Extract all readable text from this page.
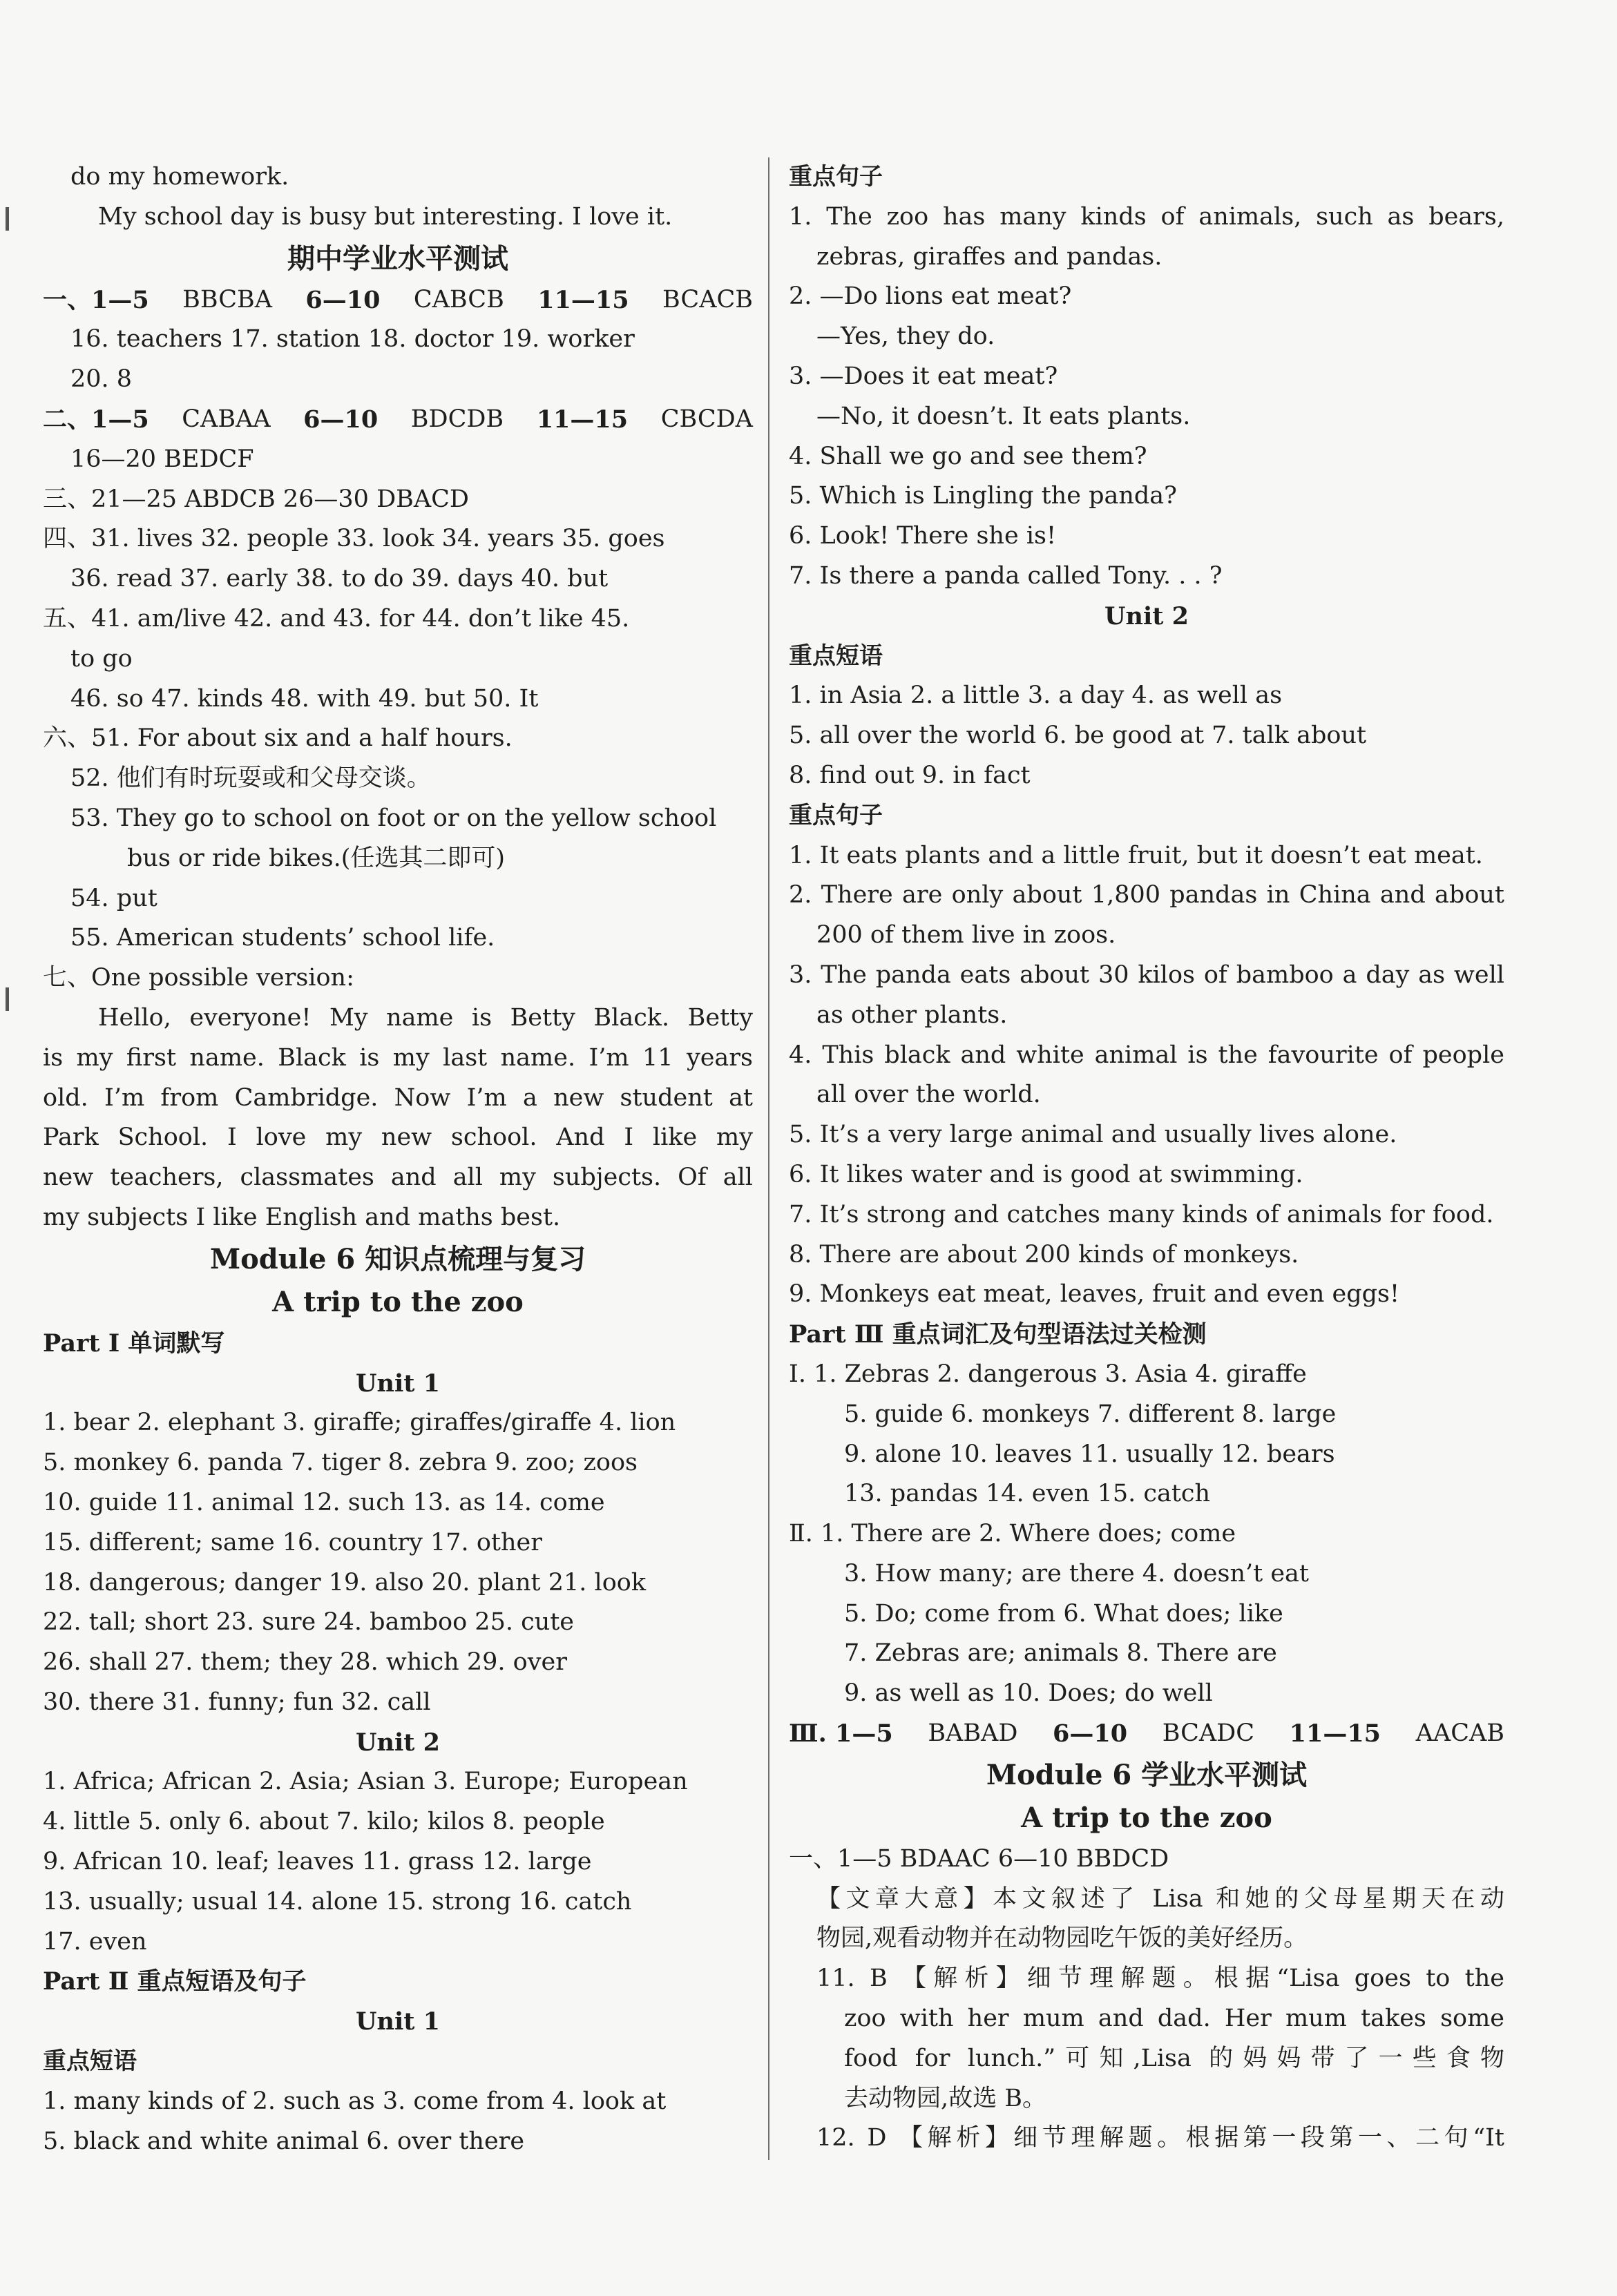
do my homework.
My school day is busy but interesting. I love it.
期中学业水平测试
一、1—5 BBCBA 6—10 CABCB 11—15 BCACB
16. teachers 17. station 18. doctor 19. worker
20. 8
二、1—5 CABAA 6—10 BDCDB 11—15 CBCDA
16—20 BEDCF
三、21—25 ABDCB 26—30 DBACD
四、31. lives 32. people 33. look 34. years 35. goes
36. read 37. early 38. to do 39. days 40. but
五、41. am/live 42. and 43. for 44. don’t like 45.
to go
46. so 47. kinds 48. with 49. but 50. It
六、51. For about six and a half hours.
52. 他们有时玩耍或和父母交谈。
53. They go to school on foot or on the yellow school
bus or ride bikes.(任选其二即可)
54. put
55. American students’ school life.
七、One possible version:
Hello, everyone! My name is Betty Black. Betty
is my first name. Black is my last name. I’m 11 years
old. I’m from Cambridge. Now I’m a new student at
Park School. I love my new school. And I like my
new teachers, classmates and all my subjects. Of all
my subjects I like English and maths best.
Module 6 知识点梳理与复习
A trip to the zoo
Part Ⅰ 单词默写
Unit 1
1. bear 2. elephant 3. giraffe; giraffes/giraffe 4. lion
5. monkey 6. panda 7. tiger 8. zebra 9. zoo; zoos
10. guide 11. animal 12. such 13. as 14. come
15. different; same 16. country 17. other
18. dangerous; danger 19. also 20. plant 21. look
22. tall; short 23. sure 24. bamboo 25. cute
26. shall 27. them; they 28. which 29. over
30. there 31. funny; fun 32. call
Unit 2
1. Africa; African 2. Asia; Asian 3. Europe; European
4. little 5. only 6. about 7. kilo; kilos 8. people
9. African 10. leaf; leaves 11. grass 12. large
13. usually; usual 14. alone 15. strong 16. catch
17. even
Part Ⅱ 重点短语及句子
Unit 1
重点短语
1. many kinds of 2. such as 3. come from 4. look at
5. black and white animal 6. over there
重点句子
1. The zoo has many kinds of animals, such as bears,
zebras, giraffes and pandas.
2. —Do lions eat meat?
—Yes, they do.
3. —Does it eat meat?
—No, it doesn’t. It eats plants.
4. Shall we go and see them?
5. Which is Lingling the panda?
6. Look! There she is!
7. Is there a panda called Tony. . . ?
Unit 2
重点短语
1. in Asia 2. a little 3. a day 4. as well as
5. all over the world 6. be good at 7. talk about
8. find out 9. in fact
重点句子
1. It eats plants and a little fruit, but it doesn’t eat meat.
2. There are only about 1,800 pandas in China and about
200 of them live in zoos.
3. The panda eats about 30 kilos of bamboo a day as well
as other plants.
4. This black and white animal is the favourite of people
all over the world.
5. It’s a very large animal and usually lives alone.
6. It likes water and is good at swimming.
7. It’s strong and catches many kinds of animals for food.
8. There are about 200 kinds of monkeys.
9. Monkeys eat meat, leaves, fruit and even eggs!
Part Ⅲ 重点词汇及句型语法过关检测
Ⅰ. 1. Zebras 2. dangerous 3. Asia 4. giraffe
5. guide 6. monkeys 7. different 8. large
9. alone 10. leaves 11. usually 12. bears
13. pandas 14. even 15. catch
Ⅱ. 1. There are 2. Where does; come
3. How many; are there 4. doesn’t eat
5. Do; come from 6. What does; like
7. Zebras are; animals 8. There are
9. as well as 10. Does; do well
Ⅲ. 1—5 BABAD 6—10 BCADC 11—15 AACAB
Module 6 学业水平测试
A trip to the zoo
一、1—5 BDAAC 6—10 BBDCD
【文章大意】本文叙述了 Lisa 和她的父母星期天在动
物园,观看动物并在动物园吃午饭的美好经历。
11. B 【解析】细节理解题。根据“Lisa goes to the
zoo with her mum and dad. Her mum takes some
food for lunch.”可知,Lisa 的妈妈带了一些食物
去动物园,故选 B。
12. D 【解析】细节理解题。根据第一段第一、二句“It
